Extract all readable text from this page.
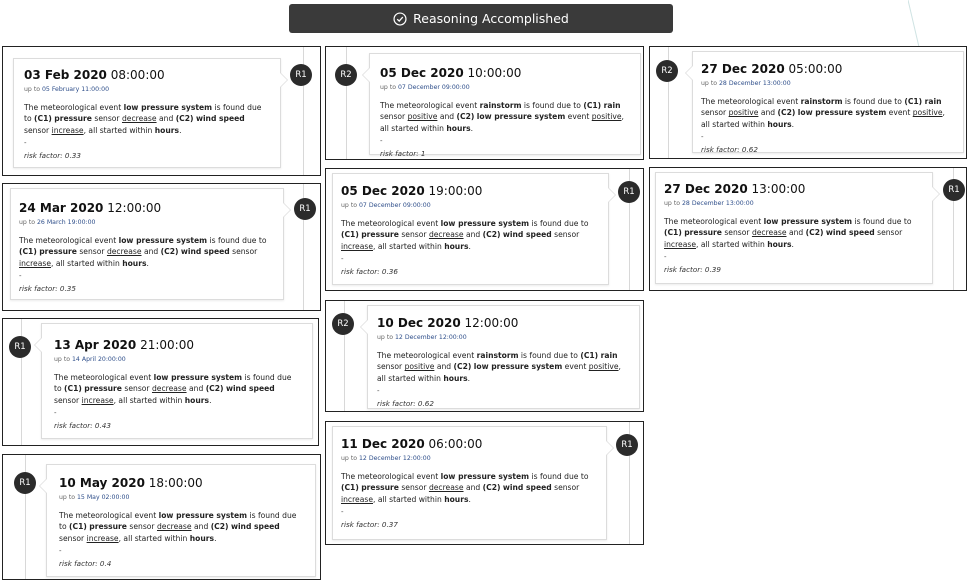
Reasoning Accomplished
03 Feb 2020 08:00:00
up to 05 February 11:00:00
The meteorological event low pressure system is found due to (C1) pressure sensor decrease and (C2) wind speed sensor increase, all started within hours.
-
risk factor: 0.33
R1
24 Mar 2020 12:00:00
up to 26 March 19:00:00
The meteorological event low pressure system is found due to (C1) pressure sensor decrease and (C2) wind speed sensor increase, all started within hours.
-
risk factor: 0.35
R1
R1	13 Apr 2020 21:00:00
up to 14 April 20:00:00
The meteorological event low pressure system is found due to (C1) pressure sensor decrease and (C2) wind speed sensor increase, all started within hours.
-
risk factor: 0.43
R1	10 May 2020 18:00:00
up to 15 May 02:00:00
The meteorological event low pressure system is found due to (C1) pressure sensor decrease and (C2) wind speed sensor increase, all started within hours.
-
risk factor: 0.4
R2	05 Dec 2020 10:00:00
up to 07 December 09:00:00
The meteorological event rainstorm is found due to (C1) rain sensor positive and (C2) low pressure system event positive, all started within hours.
-
risk factor: 1
05 Dec 2020 19:00:00
up to 07 December 09:00:00
The meteorological event low pressure system is found due to (C1) pressure sensor decrease and (C2) wind speed sensor increase, all started within hours.
-
risk factor: 0.36
R1
R2	10 Dec 2020 12:00:00
up to 12 December 12:00:00
The meteorological event rainstorm is found due to (C1) rain sensor positive and (C2) low pressure system event positive, all started within hours.
-
risk factor: 0.62
11 Dec 2020 06:00:00
up to 12 December 12:00:00
The meteorological event low pressure system is found due to (C1) pressure sensor decrease and (C2) wind speed sensor increase, all started within hours.
-
risk factor: 0.37
R1
R2	27 Dec 2020 05:00:00
up to 28 December 13:00:00
The meteorological event rainstorm is found due to (C1) rain sensor positive and (C2) low pressure system event positive, all started within hours.
-
risk factor: 0.62
27 Dec 2020 13:00:00
up to 28 December 13:00:00
The meteorological event low pressure system is found due to (C1) pressure sensor decrease and (C2) wind speed sensor increase, all started within hours.
-
risk factor: 0.39
R1
